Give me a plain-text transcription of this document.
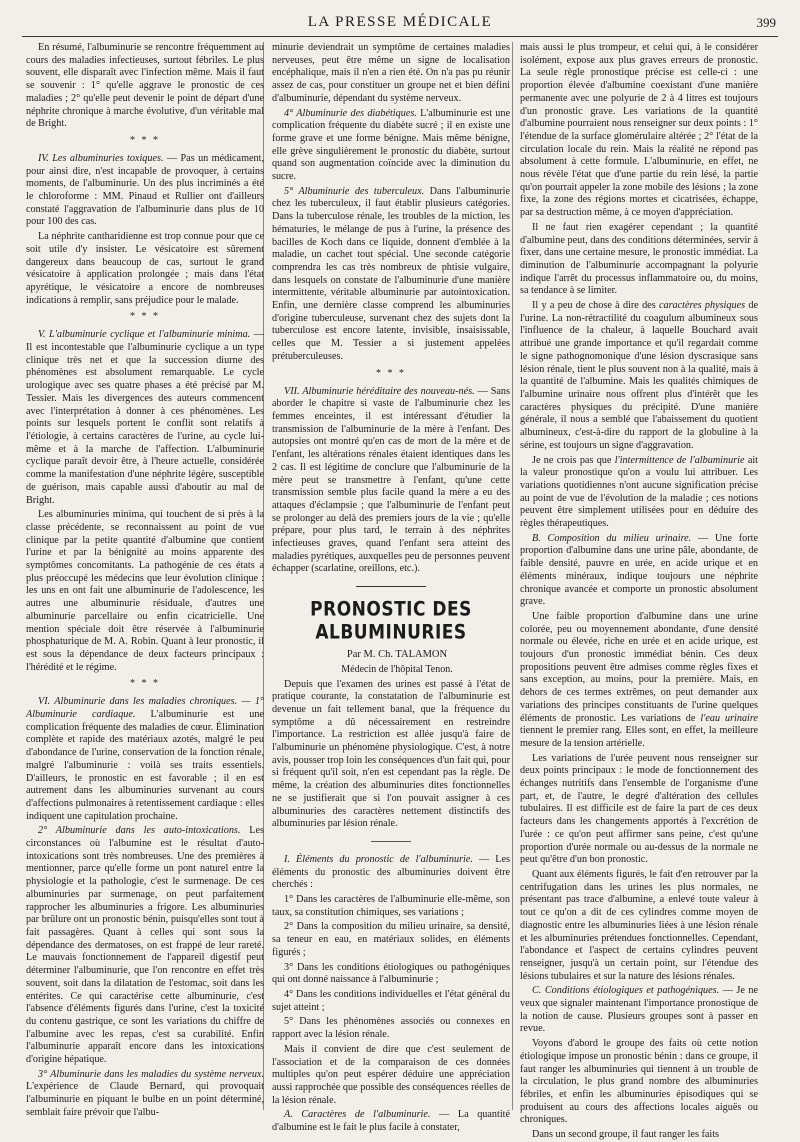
LA PRESSE MÉDICALE	399

En résumé, l'albuminurie se rencontre fréquemment au cours des maladies infectieuses, surtout fébriles. Le plus souvent, elle disparaît avec l'infection même. Mais il faut se souvenir : 1° qu'elle aggrave le pronostic de ces maladies ; 2° qu'elle peut devenir le point de départ d'une néphrite chronique à marche évolutive, d'un véritable mal de Bright.

* * *

IV. Les albuminuries toxiques. — Pas un médicament, pour ainsi dire, n'est incapable de provoquer, à certains moments, de l'albuminurie. Un des plus incriminés a été le chloroforme : MM. Pinaud et Rullier ont d'ailleurs constaté l'aggravation de l'albuminurie dans plus de 10 pour 100 des cas.

La néphrite cantharidienne est trop connue pour que ce soit utile d'y insister. Le vésicatoire est sûrement dangereux dans beaucoup de cas, surtout le grand vésicatoire à application prolongée ; mais dans l'état apyrétique, le vésicatoire a encore de nombreuses indications à remplir, sans préjudice pour le malade.

* * *

V. L'albuminurie cyclique et l'albuminurie minima. — Il est incontestable que l'albuminurie cyclique a un type clinique très net et que la succession diurne des phénomènes est absolument remarquable. Le cycle urologique avec ses quatre phases a été précisé par M. Tessier. Mais les divergences des auteurs commencent avec l'interprétation à donner à ces phénomènes. Les points sur lesquels portent le conflit sont relatifs à l'étiologie, à certains caractères de l'urine, au cycle lui-même et à la marche de l'affection. L'albuminurie cyclique paraît devoir être, à l'heure actuelle, considérée comme la manifestation d'une néphrite légère, susceptible de guérison, mais capable aussi d'aboutir au mal de Bright.

Les albuminuries minima, qui touchent de si près à la classe précédente, se reconnaissent au point de vue clinique par la petite quantité d'albumine que contient l'urine et par la bénignité au moins apparente des symptômes concomitants. La pathogénie de ces états a plus préoccupé les médecins que leur évolution clinique : les uns en ont fait une albuminurie de l'adolescence, les autres une albuminurie résiduale, d'autres une albuminurie parcellaire ou enfin cicatricielle. Une mention spéciale doit être réservée à l'albuminurie phosphaturique de M. A. Robin. Quant à leur pronostic, il est sous la dépendance de deux facteurs principaux : l'hérédité et le régime.

* * *

VI. Albuminurie dans les maladies chroniques. — 1° Albuminurie cardiaque. L'albuminurie est une complication fréquente des maladies de cœur. Élimination complète et rapide des matériaux azotés, malgré le peu d'abondance de l'urine, conservation de la fonction rénale, malgré l'albuminurie : voilà ses traits essentiels. D'ailleurs, le pronostic en est favorable ; il en est autrement dans les albuminuries survenant au cours d'affections pulmonaires à retentissement cardiaque : elles indiquent une capitulation prochaine.

2° Albuminurie dans les auto-intoxications. Les circonstances où l'albumine est le résultat d'auto-intoxications sont très nombreuses. Une des premières à mentionner, parce qu'elle forme un pont naturel entre la physiologie et la pathologie, c'est le surmenage. De ces albuminuries par surmenage, on peut parfaitement rapprocher les albuminuries a frigore. Les albuminuries par brûlure ont un pronostic bénin, puisqu'elles sont tout à fait passagères. Quant à celles qui sont sous la dépendance des dermatoses, on est frappé de leur rareté. Le mauvais fonctionnement de l'appareil digestif peut déterminer l'albuminurie, que l'on rencontre en effet très souvent, soit dans la dilatation de l'estomac, soit dans les entérites. Ce qui caractérise cette albuminurie, c'est l'absence d'éléments figurés dans l'urine, c'est la toxicité du contenu gastrique, ce sont les variations du chiffre de l'albumine avec les repas, c'est sa curabilité. Enfin l'albuminurie apparaît encore dans les intoxications d'origine hépatique.

3° Albuminurie dans les maladies du système nerveux. L'expérience de Claude Bernard, qui provoquait l'albuminurie en piquant le bulbe en un point déterminé, semblait faire prévoir que l'albu-

minurie deviendrait un symptôme de certaines maladies nerveuses, peut être même un signe de localisation encéphalique, mais il n'en a rien été. On n'a pas pu réunir assez de cas, pour constituer un groupe net et bien défini d'albuminurie, dépendant du système nerveux.

4° Albuminurie des diabétiques. L'albuminurie est une complication fréquente du diabète sucré ; il en existe une forme grave et une forme bénigne. Mais même bénigne, elle grève singulièrement le pronostic du diabète, surtout quand son augmentation coïncide avec la diminution du sucre.

5° Albuminurie des tuberculeux. Dans l'albuminurie chez les tuberculeux, il faut établir plusieurs catégories. Dans la tuberculose rénale, les troubles de la miction, les hématuries, le mélange de pus à l'urine, la présence des bacilles de Koch dans ce liquide, donnent d'emblée à la maladie, un cachet tout spécial. Une seconde catégorie comprendra les cas très nombreux de phtisie vulgaire, dans lesquels on constate de l'albuminurie d'une manière intermittente, véritable albuminurie par autointoxication. Enfin, une dernière classe comprend les albuminuries d'origine tuberculeuse, survenant chez des sujets dont la tuberculose est encore latente, invisible, insaisissable, celles que M. Tessier a si justement appelées prétuberculeuses.

* * *

VII. Albuminurie héréditaire des nouveau-nés. — Sans aborder le chapitre si vaste de l'albuminurie chez les femmes enceintes, il est intéressant d'étudier la transmission de l'albuminurie de la mère à l'enfant. Des autopsies ont montré qu'en cas de mort de la mère et de l'enfant, les altérations rénales étaient identiques dans les 2 cas. Il est légitime de conclure que l'albuminurie de la mère peut se transmettre à l'enfant, qu'une cette transmission semble plus facile quand la mère a eu des attaques d'éclampsie ; que l'albuminurie de l'enfant peut se prolonger au delà des premiers jours de la vie ; qu'elle prépare, pour plus tard, le terrain à des néphrites infectieuses graves, quand l'enfant sera atteint des maladies pyrétiques, auxquelles peu de personnes peuvent échapper (scarlatine, oreillons, etc.).

PRONOSTIC DES ALBUMINURIES

Par M. Ch. TALAMON

Médecin de l'hôpital Tenon.

Depuis que l'examen des urines est passé à l'état de pratique courante, la constatation de l'albuminurie est devenue un fait tellement banal, que la fréquence du symptôme a dû nécessairement en restreindre l'importance. La restriction est allée jusqu'à faire de l'albuminurie un phénomène physiologique. C'est, à notre avis, pousser trop loin les conséquences d'un fait qui, pour si fréquent qu'il soit, n'en est cependant pas la règle. De même, la création des albuminuries dites fonctionnelles ne se justifierait que si l'on pouvait assigner à ces albuminuries des caractères nettement distinctifs des albuminuries par lésion rénale.

I. Éléments du pronostic de l'albuminurie. — Les éléments du pronostic des albuminuries doivent être cherchés :

1° Dans les caractères de l'albuminurie elle-même, son taux, sa constitution chimiques, ses variations ;

2° Dans la composition du milieu urinaire, sa densité, sa teneur en eau, en matériaux solides, en éléments figurés ;

3° Dans les conditions étiologiques ou pathogéniques qui ont donné naissance à l'albuminurie ;

4° Dans les conditions individuelles et l'état général du sujet atteint ;

5° Dans les phénomènes associés ou connexes en rapport avec la lésion rénale.

Mais il convient de dire que c'est seulement de l'association et de la comparaison de ces données multiples qu'on peut espérer déduire une appréciation aussi rapprochée que possible des conséquences réelles de la lésion rénale.

A. Caractères de l'albuminurie. — La quantité d'albumine est le fait le plus facile à constater,

mais aussi le plus trompeur, et celui qui, à le considérer isolément, expose aux plus graves erreurs de pronostic. La seule règle pronostique précise est celle-ci : une proportion élevée d'albumine coexistant d'une manière permanente avec une polyurie de 2 à 4 litres est toujours d'un pronostic grave. Les variations de la quantité d'albumine pourraient nous renseigner sur deux points : 1° l'étendue de la surface glomérulaire altérée ; 2° l'état de la circulation locale du rein. Mais la réalité ne répond pas absolument à cette formule. L'albuminurie, en effet, ne nous révèle l'état que d'une partie du rein lésé, la partie qu'on pourrait appeler la zone mobile des lésions ; la zone fixe, la zone des régions mortes et cicatrisées, échappe, par sa destruction même, à ce moyen d'appréciation.

Il ne faut rien exagérer cependant ; la quantité d'albumine peut, dans des conditions déterminées, servir à fixer, dans une certaine mesure, le pronostic immédiat. La diminution de l'albuminurie accompagnant la polyurie indique l'arrêt du processus inflammatoire ou, du moins, sa tendance à se limiter.

Il y a peu de chose à dire des caractères physiques de l'urine. La non-rétractilité du coagulum albumineux sous l'influence de la chaleur, à laquelle Bouchard avait attribué une grande importance et qu'il regardait comme le signe pathognomonique d'une lésion dyscrasique sans lésion rénale, tient le plus souvent non à la qualité, mais à la quantité de l'albumine. Mais les qualités chimiques de l'albumine urinaire nous offrent plus d'intérêt que les caractères physiques du précipité. D'une manière générale, il nous a semblé que l'abaissement du quotient albumineux, c'est-à-dire du rapport de la globuline à la sérine, est toujours un signe d'aggravation.

Je ne crois pas que l'intermittence de l'albuminurie ait la valeur pronostique qu'on a voulu lui attribuer. Les variations quotidiennes n'ont aucune signification précise au point de vue de l'évolution de la maladie ; ces notions peuvent être simplement utilisées pour en déduire des règles thérapeutiques.

B. Composition du milieu urinaire. — Une forte proportion d'albumine dans une urine pâle, abondante, de faible densité, pauvre en urée, en acide urique et en éléments minéraux, indique toujours une néphrite chronique avancée et comporte un pronostic absolument grave.

Une faible proportion d'albumine dans une urine colorée, peu ou moyennement abondante, d'une densité normale ou élevée, riche en urée et en acide urique, est toujours d'un pronostic immédiat bénin. Ces deux propositions peuvent être admises comme règles fixes et sans exception, au moins, pour la première. Mais, en dehors de ces termes extrêmes, on peut demander aux variations des principes constituants de l'urine quelques éléments de pronostic. Les variations de l'eau urinaire tiennent le premier rang. Elles sont, en effet, la meilleure mesure de la tension artérielle.

Les variations de l'urée peuvent nous renseigner sur deux points principaux : le mode de fonctionnement des échanges nutritifs dans l'ensemble de l'organisme d'une part, et, de l'autre, le degré d'altération des cellules tubulaires. Il est difficile est de faire la part de ces deux facteurs dans les changements apportés à l'excrétion de l'urée : ce qu'on peut affirmer sans peine, c'est qu'une proportion d'urée normale ou au-dessus de la normale ne peut qu'être d'un bon pronostic.

Quant aux éléments figurés, le fait d'en retrouver par la centrifugation dans les urines les plus normales, ne présentant pas trace d'albumine, a enlevé toute valeur à tout ce qu'on a dit de ces cylindres comme moyen de diagnostic entre les albuminuries liées à une lésion rénale et les albuminuries prétendues fonctionnelles. Cependant, l'abondance et l'aspect de certains cylindres peuvent renseigner, jusqu'à un certain point, sur l'étendue des lésions tubulaires et sur la nature des lésions rénales.

C. Conditions étiologiques et pathogéniques. — Je ne veux que signaler maintenant l'importance pronostique de la notion de cause. Plusieurs groupes sont à passer en revue.

Voyons d'abord le groupe des faits où cette notion étiologique impose un pronostic bénin : dans ce groupe, il faut ranger les albuminuries qui tiennent à un trouble de la circulation, le plus grand nombre des albuminuries fébriles, et enfin les albuminuries épisodiques qui se produisent au cours des affections locales aiguës ou chroniques.

Dans un second groupe, il faut ranger les faits
